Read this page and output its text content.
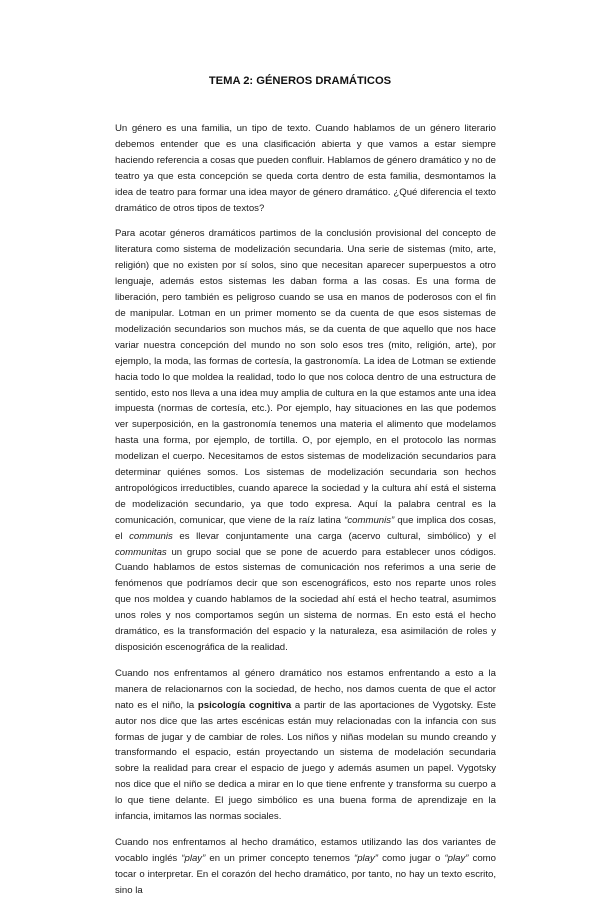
TEMA 2: GÉNEROS DRAMÁTICOS

Un género es una familia, un tipo de texto. Cuando hablamos de un género literario debemos entender que es una clasificación abierta y que vamos a estar siempre haciendo referencia a cosas que pueden confluir. Hablamos de género dramático y no de teatro ya que esta concepción se queda corta dentro de esta familia, desmontamos la idea de teatro para formar una idea mayor de género dramático. ¿Qué diferencia el texto dramático de otros tipos de textos?

Para acotar géneros dramáticos partimos de la conclusión provisional del concepto de literatura como sistema de modelización secundaria. Una serie de sistemas (mito, arte, religión) que no existen por sí solos, sino que necesitan aparecer superpuestos a otro lenguaje, además estos sistemas les daban forma a las cosas. Es una forma de liberación, pero también es peligroso cuando se usa en manos de poderosos con el fin de manipular. Lotman en un primer momento se da cuenta de que esos sistemas de modelización secundarios son muchos más, se da cuenta de que aquello que nos hace variar nuestra concepción del mundo no son solo esos tres (mito, religión, arte), por ejemplo, la moda, las formas de cortesía, la gastronomía. La idea de Lotman se extiende hacia todo lo que moldea la realidad, todo lo que nos coloca dentro de una estructura de sentido, esto nos lleva a una idea muy amplia de cultura en la que estamos ante una idea impuesta (normas de cortesía, etc.). Por ejemplo, hay situaciones en las que podemos ver superposición, en la gastronomía tenemos una materia el alimento que modelamos hasta una forma, por ejemplo, de tortilla. O, por ejemplo, en el protocolo las normas modelizan el cuerpo. Necesitamos de estos sistemas de modelización secundarios para determinar quiénes somos. Los sistemas de modelización secundaria son hechos antropológicos irreductibles, cuando aparece la sociedad y la cultura ahí está el sistema de modelización secundario, ya que todo expresa. Aquí la palabra central es la comunicación, comunicar, que viene de la raíz latina “communis” que implica dos cosas, el communis es llevar conjuntamente una carga (acervo cultural, simbólico) y el communitas un grupo social que se pone de acuerdo para establecer unos códigos. Cuando hablamos de estos sistemas de comunicación nos referimos a una serie de fenómenos que podríamos decir que son escenográficos, esto nos reparte unos roles que nos moldea y cuando hablamos de la sociedad ahí está el hecho teatral, asumimos unos roles y nos comportamos según un sistema de normas. En esto está el hecho dramático, es la transformación del espacio y la naturaleza, esa asimilación de roles y disposición escenográfica de la realidad.

Cuando nos enfrentamos al género dramático nos estamos enfrentando a esto a la manera de relacionarnos con la sociedad, de hecho, nos damos cuenta de que el actor nato es el niño, la psicología cognitiva a partir de las aportaciones de Vygotsky. Este autor nos dice que las artes escénicas están muy relacionadas con la infancia con sus formas de jugar y de cambiar de roles. Los niños y niñas modelan su mundo creando y transformando el espacio, están proyectando un sistema de modelación secundaria sobre la realidad para crear el espacio de juego y además asumen un papel. Vygotsky nos dice que el niño se dedica a mirar en lo que tiene enfrente y transforma su cuerpo a lo que tiene delante. El juego simbólico es una buena forma de aprendizaje en la infancia, imitamos las normas sociales.

Cuando nos enfrentamos al hecho dramático, estamos utilizando las dos variantes de vocablo inglés “play” en un primer concepto tenemos “play” como jugar o “play” como tocar o interpretar. En el corazón del hecho dramático, por tanto, no hay un texto escrito, sino la
